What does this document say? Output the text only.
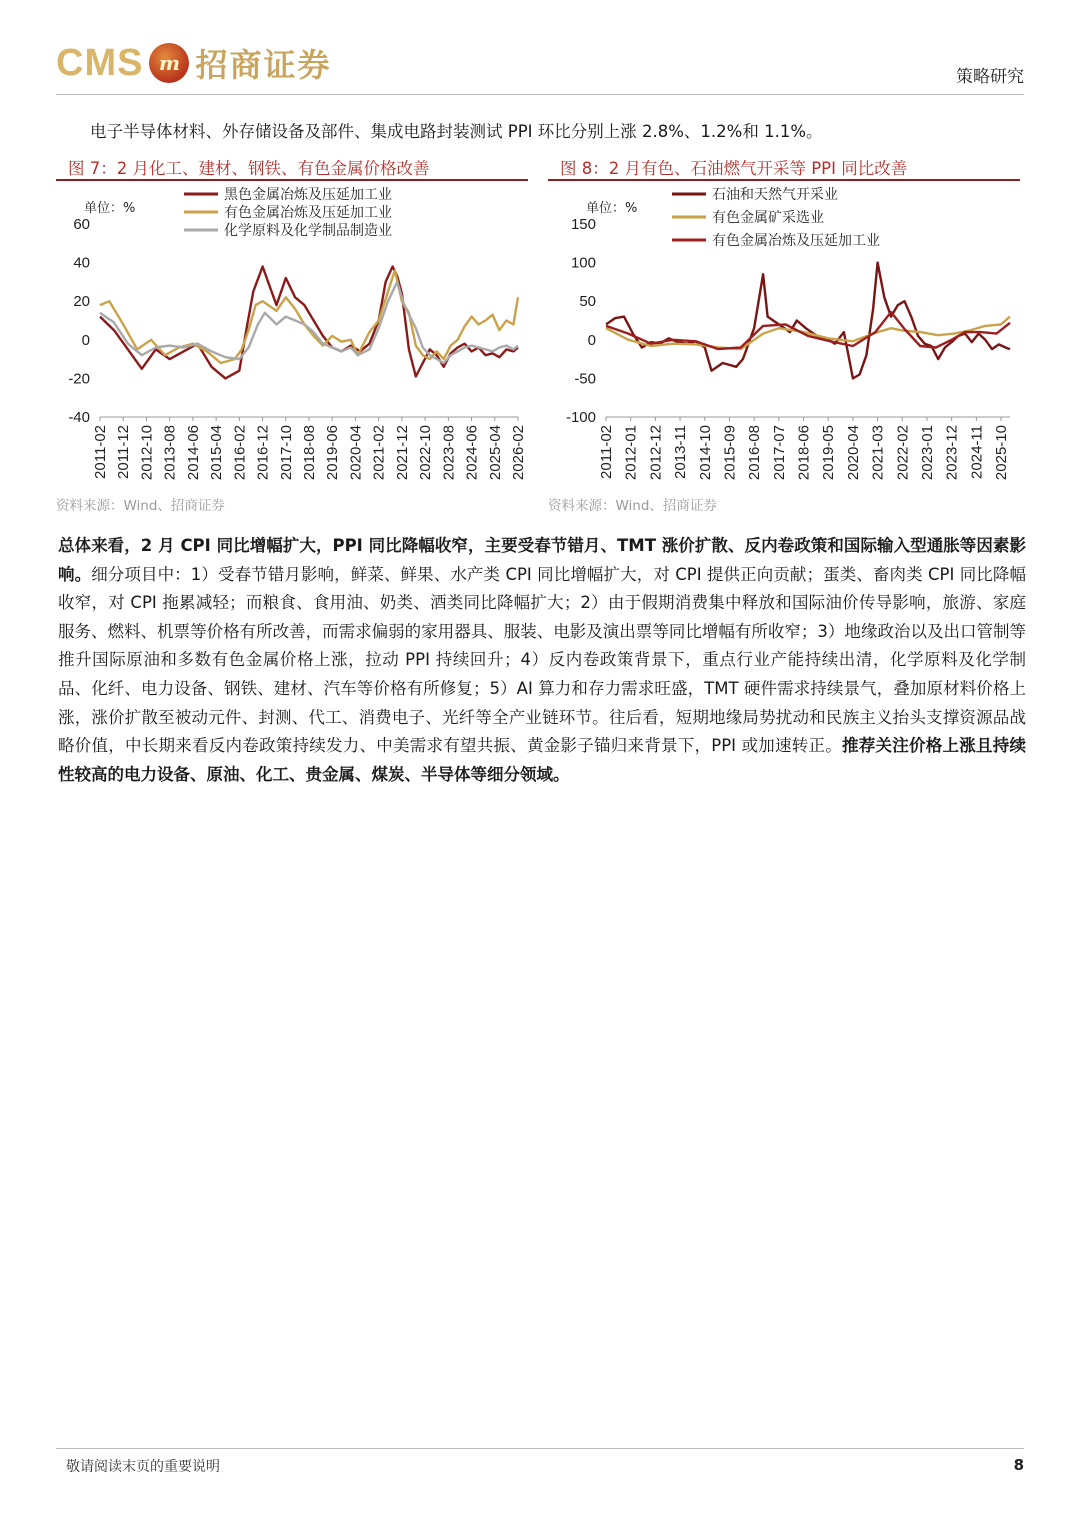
CMS m 招商证券	策略研究
电子半导体材料、外存储设备及部件、集成电路封装测试 PPI 环比分别上涨 2.8%、1.2%和 1.1%。
图 7：2 月化工、建材、钢铁、有色金属价格改善
60
40
20
0
-20
-40
2011-02 2011-12 2012-10 2013-08 2014-06 2015-04 2016-02 2016-12 2017-10 2018-08 2019-06 2020-04 2021-02 2021-12 2022-10 2023-08 2024-06 2025-04 2026-02
单位：%
黑色金属冶炼及压延加工业
有色金属冶炼及压延加工业
化学原料及化学制品制造业
资料来源：Wind、招商证券
图 8：2 月有色、石油燃气开采等 PPI 同比改善
150
100
50
0
-50
-100
2011-02 2012-01 2012-12 2013-11 2014-10 2015-09 2016-08 2017-07 2018-06 2019-05 2020-04 2021-03 2022-02 2023-01 2023-12 2024-11 2025-10
单位：%
石油和天然气开采业
有色金属矿采选业
有色金属冶炼及压延加工业
资料来源：Wind、招商证券
总体来看，2 月 CPI 同比增幅扩大，PPI 同比降幅收窄，主要受春节错月、TMT 涨价扩散、反内卷政策和国际输入型通胀等因素影响。细分项目中：1）受春节错月影响，鲜菜、鲜果、水产类 CPI 同比增幅扩大，对 CPI 提供正向贡献；蛋类、畜肉类 CPI 同比降幅收窄，对 CPI 拖累减轻；而粮食、食用油、奶类、酒类同比降幅扩大；2）由于假期消费集中释放和国际油价传导影响，旅游、家庭服务、燃料、机票等价格有所改善，而需求偏弱的家用器具、服装、电影及演出票等同比增幅有所收窄；3）地缘政治以及出口管制等推升国际原油和多数有色金属价格上涨，拉动 PPI 持续回升；4）反内卷政策背景下，重点行业产能持续出清，化学原料及化学制品、化纤、电力设备、钢铁、建材、汽车等价格有所修复；5）AI 算力和存力需求旺盛，TMT 硬件需求持续景气，叠加原材料价格上涨，涨价扩散至被动元件、封测、代工、消费电子、光纤等全产业链环节。往后看，短期地缘局势扰动和民族主义抬头支撑资源品战略价值，中长期来看反内卷政策持续发力、中美需求有望共振、黄金影子锚归来背景下，PPI 或加速转正。推荐关注价格上涨且持续性较高的电力设备、原油、化工、贵金属、煤炭、半导体等细分领域。
敬请阅读末页的重要说明	8
